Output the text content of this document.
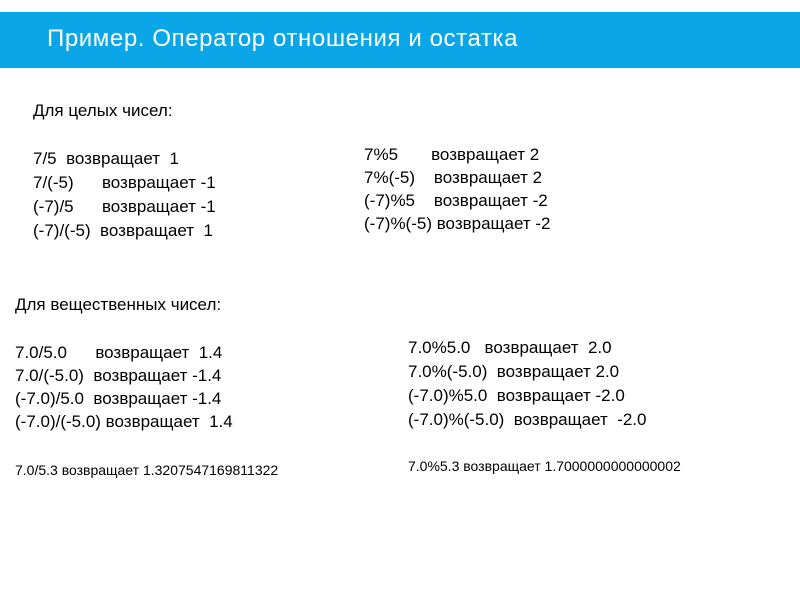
Пример. Оператор отношения и остатка
Для целых чисел:

7/5  возвращает  1

7/(-5)      возвращает -1

(-7)/5      возвращает -1

(-7)/(-5)  возвращает  1

7%5       возвращает 2

7%(-5)    возвращает 2

(-7)%5    возвращает -2

(-7)%(-5) возвращает -2

Для вещественных чисел:

7.0/5.0      возвращает  1.4

7.0/(-5.0)  возвращает -1.4

(-7.0)/5.0  возвращает -1.4

(-7.0)/(-5.0) возвращает  1.4

7.0%5.0   возвращает  2.0

7.0%(-5.0)  возвращает 2.0

(-7.0)%5.0  возвращает -2.0

(-7.0)%(-5.0)  возвращает  -2.0

7.0/5.3 возвращает 1.3207547169811322	7.0%5.3 возвращает 1.7000000000000002
